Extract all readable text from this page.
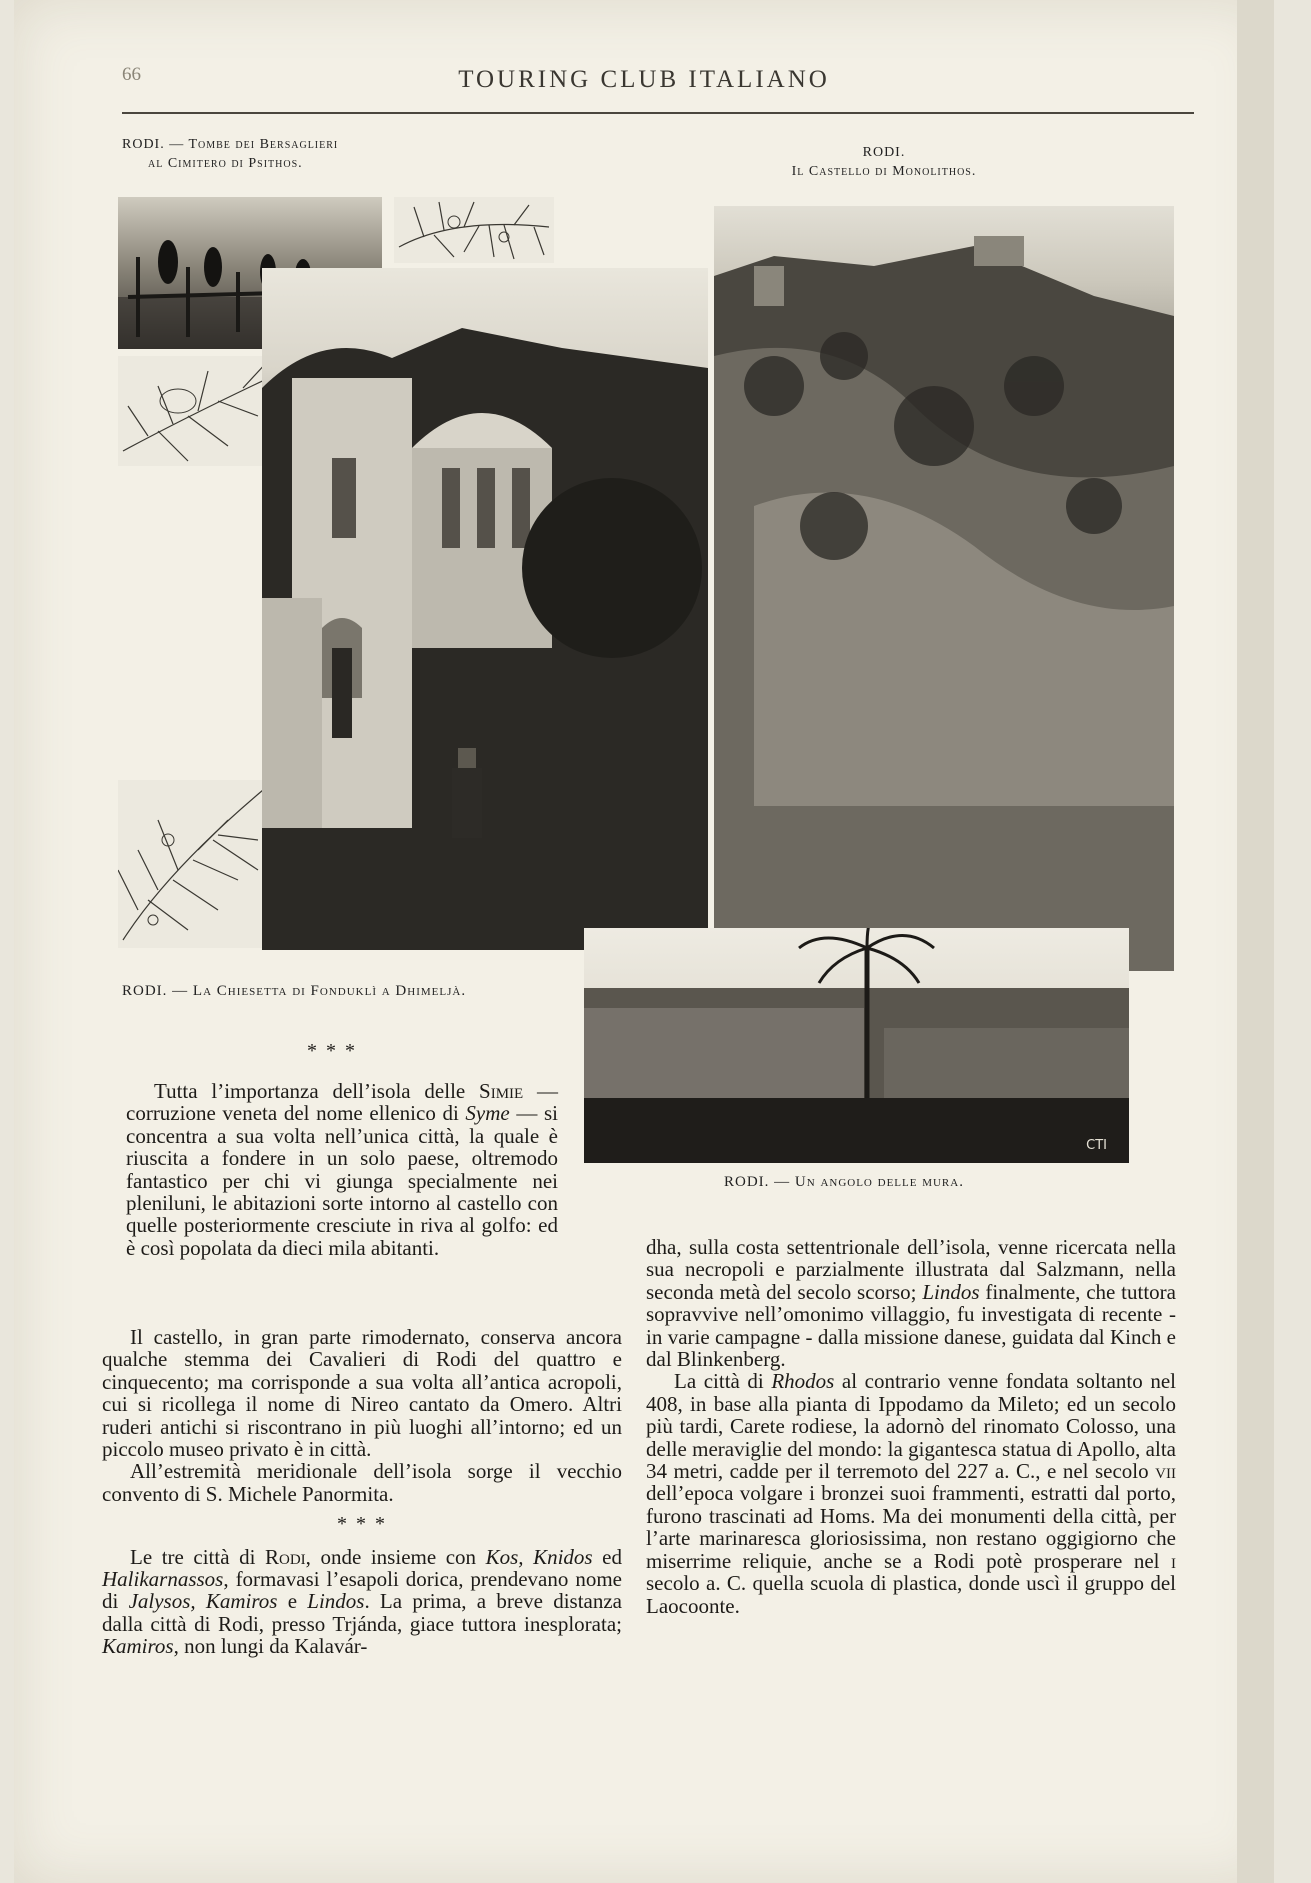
66	TOURING CLUB ITALIANO
RODI. — Tombe dei Bersaglieri
al Cimitero di Psithos.
RODI.
Il Castello di Monolithos.
CTI
RODI. — La Chiesetta di Fonduklì a Dhimeljà.
RODI. — Un angolo delle mura.
* * *

Tutta l’importanza dell’isola delle Simie — corruzione veneta del nome ellenico di Syme — si concentra a sua volta nell’unica città, la quale è riuscita a fondere in un solo paese, oltremodo fantastico per chi vi giunga specialmente nei pleniluni, le abitazioni sorte intorno al castello con quelle posteriormente cresciute in riva al golfo: ed è così popolata da dieci mila abitanti.	dha, sulla costa settentrionale dell’isola, venne ricercata nella sua necropoli e parzialmente illustrata dal Salzmann, nella seconda metà del secolo scorso; Lindos finalmente, che tuttora sopravvive nell’omonimo villaggio, fu investigata di recente - in varie campagne - dalla missione danese, guidata dal Kinch e dal Blinkenberg.

La città di Rhodos al contrario venne fondata soltanto nel 408, in base alla pianta di Ippodamo da Mileto; ed un secolo più tardi, Carete rodiese, la adornò del rinomato Colosso, una delle meraviglie del mondo: la gigantesca statua di Apollo, alta 34 metri, cadde per il terremoto del 227 a. C., e nel secolo vii dell’epoca volgare i bronzei suoi frammenti, estratti dal porto, furono trascinati ad Homs. Ma dei monumenti della città, per l’arte marinaresca gloriosissima, non restano oggigiorno che miserrime reliquie, anche se a Rodi potè prosperare nel i secolo a. C. quella scuola di plastica, donde uscì il gruppo del Laocoonte.

Il castello, in gran parte rimodernato, conserva ancora qualche stemma dei Cavalieri di Rodi del quattro e cinquecento; ma corrisponde a sua volta all’antica acropoli, cui si ricollega il nome di Nireo cantato da Omero. Altri ruderi antichi si riscontrano in più luoghi all’intorno; ed un piccolo museo privato è in città.

All’estremità meridionale dell’isola sorge il vecchio convento di S. Michele Panormita.

* * *

Le tre città di Rodi, onde insieme con Kos, Knidos ed Halikarnassos, formavasi l’esapoli dorica, prendevano nome di Jalysos, Kamiros e Lindos. La prima, a breve distanza dalla città di Rodi, presso Trjánda, giace tuttora inesplorata; Kamiros, non lungi da Kalavár-
